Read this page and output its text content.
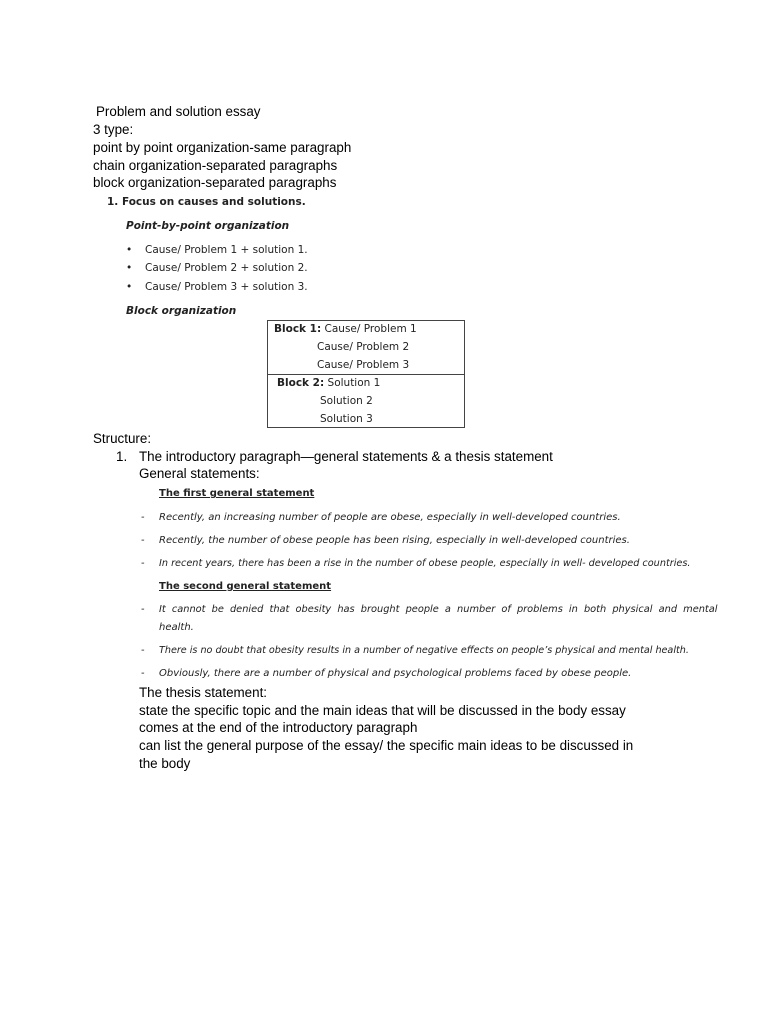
Problem and solution essay
3 type:
point by point organization-same paragraph
chain organization-separated paragraphs
block organization-separated paragraphs
1. Focus on causes and solutions.
Point-by-point organization
• Cause/ Problem 1 + solution 1.
• Cause/ Problem 2 + solution 2.
• Cause/ Problem 3 + solution 3.
Block organization
Block 1: Cause/ Problem 1
Cause/ Problem 2
Cause/ Problem 3
Block 2: Solution 1
Solution 2
Solution 3
Structure:
1. The introductory paragraph—general statements & a thesis statement
General statements:
The first general statement
- Recently, an increasing number of people are obese, especially in well-developed countries.
- Recently, the number of obese people has been rising, especially in well-developed countries.
- In recent years, there has been a rise in the number of obese people, especially in well- developed countries.
The second general statement
- It cannot be denied that obesity has brought people a number of problems in both physical and mental
health.
- There is no doubt that obesity results in a number of negative effects on people’s physical and mental health.
- Obviously, there are a number of physical and psychological problems faced by obese people.
The thesis statement:
state the specific topic and the main ideas that will be discussed in the body essay
comes at the end of the introductory paragraph
can list the general purpose of the essay/ the specific main ideas to be discussed in
the body
